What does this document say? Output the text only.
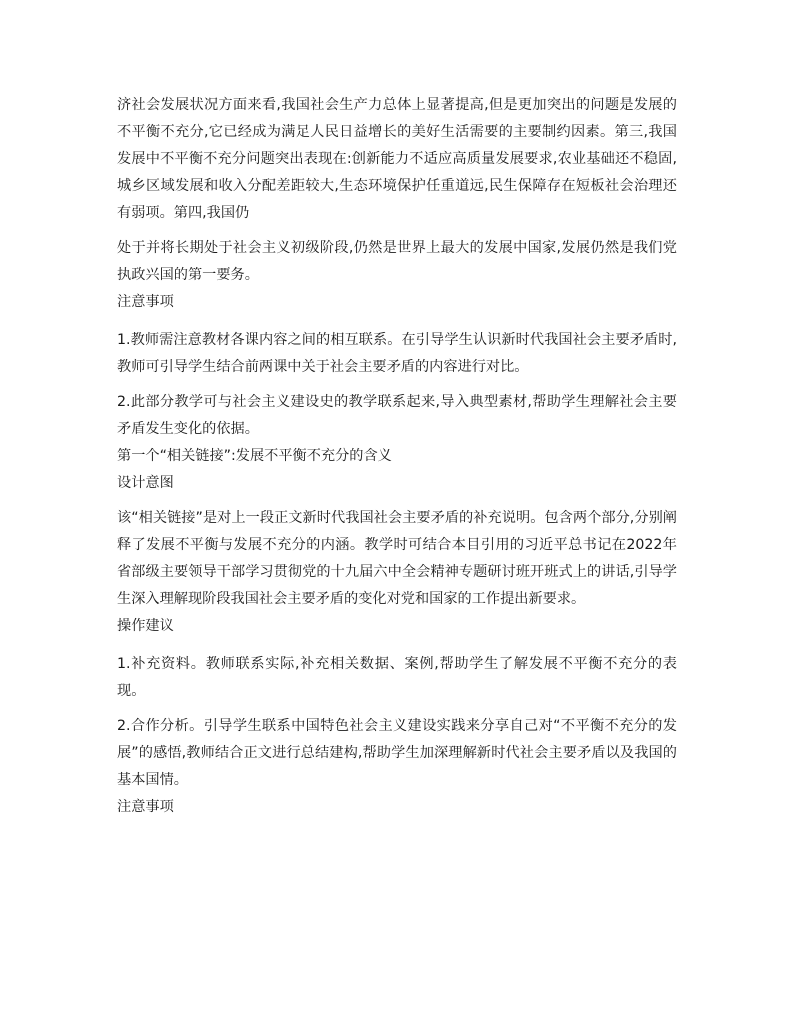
济社会发展状况方面来看,我国社会生产力总体上显著提高,但是更加突出的问题是发展的不平衡不充分,它已经成为满足人民日益增长的美好生活需要的主要制约因素。第三,我国发展中不平衡不充分问题突出表现在:创新能力不适应高质量发展要求,农业基础还不稳固,城乡区域发展和收入分配差距较大,生态环境保护任重道远,民生保障存在短板社会治理还有弱项。第四,我国仍

处于并将长期处于社会主义初级阶段,仍然是世界上最大的发展中国家,发展仍然是我们党执政兴国的第一要务。

注意事项

1.教师需注意教材各课内容之间的相互联系。在引导学生认识新时代我国社会主要矛盾时,教师可引导学生结合前两课中关于社会主要矛盾的内容进行对比。

2.此部分教学可与社会主义建设史的教学联系起来,导入典型素材,帮助学生理解社会主要矛盾发生变化的依据。

第一个“相关链接”:发展不平衡不充分的含义

设计意图

该“相关链接”是对上一段正文新时代我国社会主要矛盾的补充说明。包含两个部分,分别阐释了发展不平衡与发展不充分的内涵。教学时可结合本目引用的习近平总书记在2022年省部级主要领导干部学习贯彻党的十九届六中全会精神专题研讨班开班式上的讲话,引导学生深入理解现阶段我国社会主要矛盾的变化对党和国家的工作提出新要求。

操作建议

1.补充资料。教师联系实际,补充相关数据、案例,帮助学生了解发展不平衡不充分的表现。

2.合作分析。引导学生联系中国特色社会主义建设实践来分享自己对“不平衡不充分的发展”的感悟,教师结合正文进行总结建构,帮助学生加深理解新时代社会主要矛盾以及我国的基本国情。

注意事项
